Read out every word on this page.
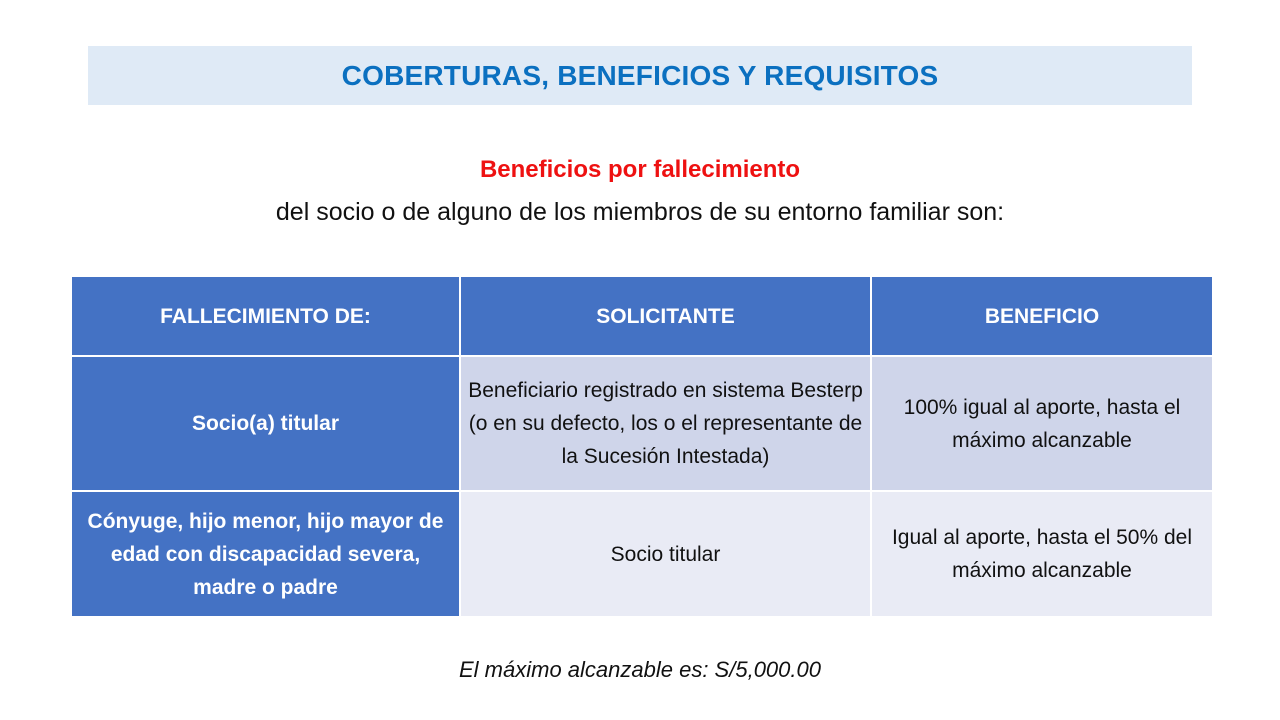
COBERTURAS, BENEFICIOS Y REQUISITOS
Beneficios por fallecimiento
del socio o de alguno de los miembros de su entorno familiar son:
FALLECIMIENTO DE:	SOLICITANTE	BENEFICIO
Socio(a) titular	Beneficiario registrado en sistema Besterp (o en su defecto, los o el representante de la Sucesión Intestada)	100% igual al aporte, hasta el máximo alcanzable
Cónyuge, hijo menor, hijo mayor de edad con discapacidad severa, madre o padre	Socio titular	Igual al aporte, hasta el 50% del máximo alcanzable
El máximo alcanzable es: S/5,000.00
